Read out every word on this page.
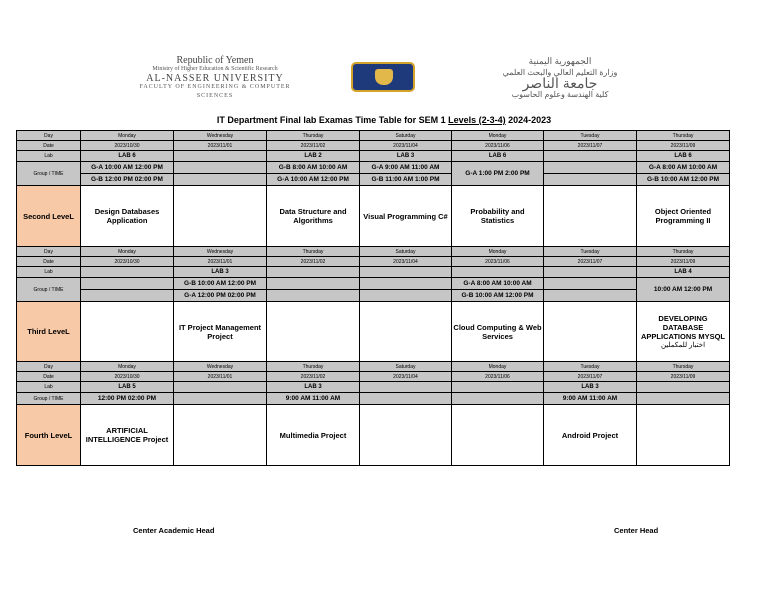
Republic of Yemen
Ministry of Higher Education & Scientific Research
AL-NASSER UNIVERSITY
FACULTY OF ENGINEERING & COMPUTER
SCIENCES
الجمهورية اليمنية
وزارة التعليم العالي والبحث العلمي
جامعة الناصر
كلية الهندسة وعلوم الحاسوب
IT Department Final lab Examas Time Table for SEM 1 Levels (2-3-4) 2024-2023
Day	Monday	Wednesday	Thursday	Saturday	Monday	Tuesday	Thursday
Date	2023/10/30	2023/11/01	2023/11/02	2023/11/04	2023/11/06	2023/11/07	2023/11/09
Lab	LAB 6		LAB 2	LAB 3	LAB 6		LAB 6
Group / TIME	G-A 10:00 AM 12:00 PM		G-B 8:00 AM 10:00 AM	G-A 9:00 AM 11:00 AM	G-A 1:00 PM 2:00 PM		G-A 8:00 AM 10:00 AM
	G-B 12:00 PM 02:00 PM		G-A 10:00 AM 12:00 PM	G-B 11:00 AM 1:00 PM			G-B 10:00 AM 12:00 PM
Second LeveL	Design Databases Application		Data Structure and Algorithms	Visual Programming C#	Probability and Statistics		Object Oriented Programming II
Day	Monday	Wednesday	Thursday	Saturday	Monday	Tuesday	Thursday
Date	2023/10/30	2023/11/01	2023/11/02	2023/11/04	2023/11/06	2023/11/07	2023/11/09
Lab		LAB 3					LAB 4
Group / TIME		G-B 10:00 AM 12:00 PM			G-A 8:00 AM 10:00 AM		10:00 AM 12:00 PM
		G-A 12:00 PM 02:00 PM			G-B 10:00 AM 12:00 PM		
Third LeveL		IT Project Management Project			Cloud Computing & Web Services		DEVELOPING DATABASE APPLICATIONS MYSQL
اختبار للمكملين

Day	Monday	Wednesday	Thursday	Saturday	Monday	Tuesday	Thursday
Date	2023/10/30	2023/11/01	2023/11/02	2023/11/04	2023/11/06	2023/11/07	2023/11/09
Lab	LAB 5		LAB 3			LAB 3	
Group / TIME	12:00 PM 02:00 PM		9:00 AM 11:00 AM			9:00 AM 11:00 AM	
Fourth LeveL	ARTIFICIAL INTELLIGENCE Project		Multimedia Project			Android Project	
Center Academic Head	Center Head
